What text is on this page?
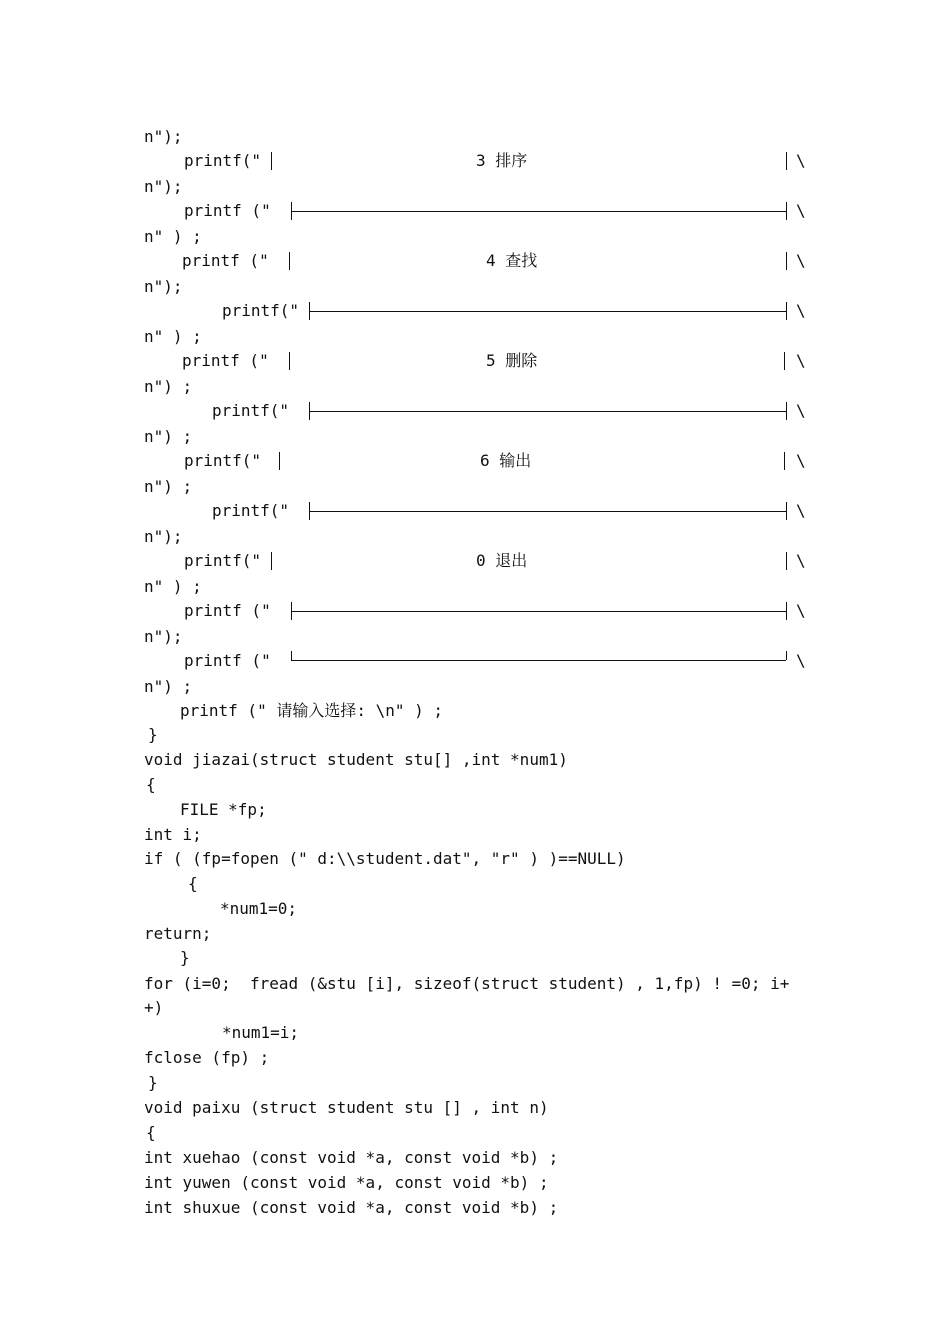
n");
printf("	3 排序	\
n");
printf ("	\
n" ) ;
printf ("	4 查找	\
n");
printf("	\
n" ) ;
printf ("	5 删除	\
n") ;
printf("	\
n") ;
printf("	6 输出	\
n") ;
printf("	\
n");
printf("	0 退出	\
n" ) ;
printf ("	\
n");
printf ("	\
n") ;
printf (" 请输入选择: \n" ) ;
}
void jiazai(struct student stu[] ,int *num1)
{
FILE *fp;
int i;
if ( (fp=fopen (" d:\\student.dat", "r" ) )==NULL)
{
*num1=0;
return;
}
for (i=0;  fread (&stu [i], sizeof(struct student) , 1,fp) ! =0; i+
+)
*num1=i;
fclose (fp) ;
}
void paixu (struct student stu [] , int n)
{
int xuehao (const void *a, const void *b) ;
int yuwen (const void *a, const void *b) ;
int shuxue (const void *a, const void *b) ;
